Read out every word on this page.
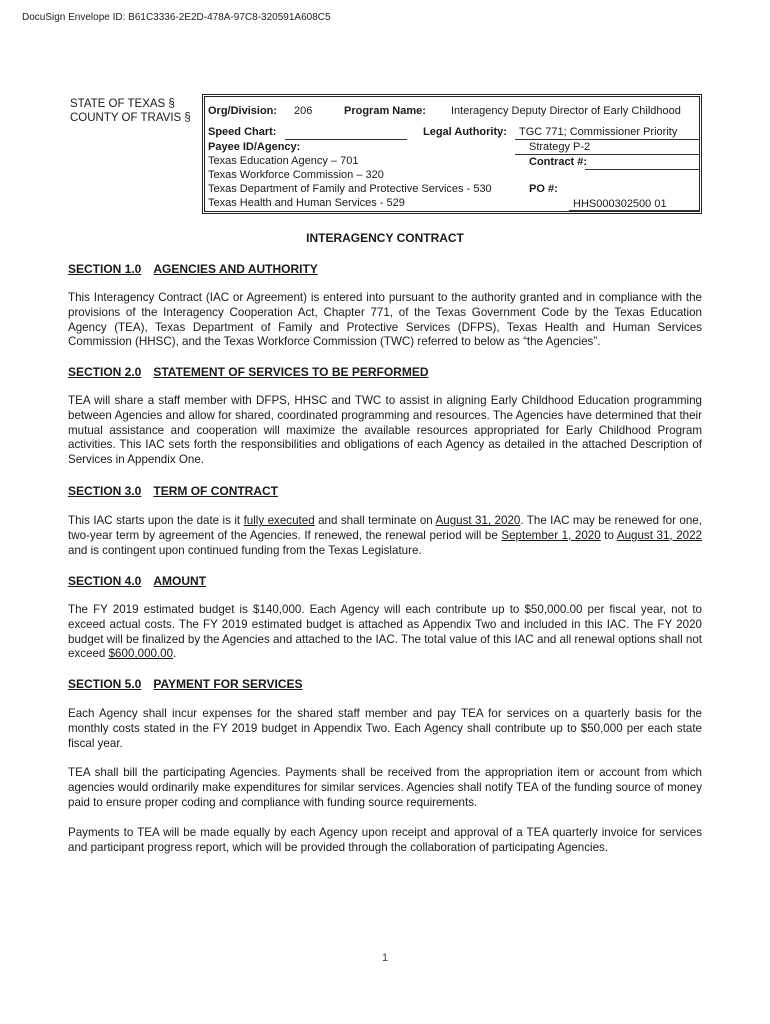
DocuSign Envelope ID: B61C3336-2E2D-478A-97C8-320591A608C5
STATE OF TEXAS §
COUNTY OF TRAVIS §
Org/Division: 206	Program Name: Interagency Deputy Director of Early Childhood
Speed Chart:	Legal Authority: TGC 771; Commissioner Priority
Strategy P-2
Payee ID/Agency:
Texas Education Agency – 701
Texas Workforce Commission – 320
Texas Department of Family and Protective Services - 530
Texas Health and Human Services - 529
Contract #:
PO #:
HHS000302500 01
INTERAGENCY CONTRACT
SECTION 1.0 AGENCIES AND AUTHORITY
This Interagency Contract (IAC or Agreement) is entered into pursuant to the authority granted and in compliance with the provisions of the Interagency Cooperation Act, Chapter 771, of the Texas Government Code by the Texas Education Agency (TEA), Texas Department of Family and Protective Services (DFPS), Texas Health and Human Services Commission (HHSC), and the Texas Workforce Commission (TWC) referred to below as “the Agencies”.
SECTION 2.0 STATEMENT OF SERVICES TO BE PERFORMED
TEA will share a staff member with DFPS, HHSC and TWC to assist in aligning Early Childhood Education programming between Agencies and allow for shared, coordinated programming and resources. The Agencies have determined that their mutual assistance and cooperation will maximize the available resources appropriated for Early Childhood Program activities. This IAC sets forth the responsibilities and obligations of each Agency as detailed in the attached Description of Services in Appendix One.
SECTION 3.0 TERM OF CONTRACT
This IAC starts upon the date is it fully executed and shall terminate on August 31, 2020. The IAC may be renewed for one, two-year term by agreement of the Agencies. If renewed, the renewal period will be September 1, 2020 to August 31, 2022 and is contingent upon continued funding from the Texas Legislature.
SECTION 4.0 AMOUNT
The FY 2019 estimated budget is $140,000. Each Agency will each contribute up to $50,000.00 per fiscal year, not to exceed actual costs. The FY 2019 estimated budget is attached as Appendix Two and included in this IAC. The FY 2020 budget will be finalized by the Agencies and attached to the IAC. The total value of this IAC and all renewal options shall not exceed $600,000.00.
SECTION 5.0 PAYMENT FOR SERVICES
Each Agency shall incur expenses for the shared staff member and pay TEA for services on a quarterly basis for the monthly costs stated in the FY 2019 budget in Appendix Two. Each Agency shall contribute up to $50,000 per each state fiscal year.
TEA shall bill the participating Agencies. Payments shall be received from the appropriation item or account from which agencies would ordinarily make expenditures for similar services. Agencies shall notify TEA of the funding source of money paid to ensure proper coding and compliance with funding source requirements.
Payments to TEA will be made equally by each Agency upon receipt and approval of a TEA quarterly invoice for services and participant progress report, which will be provided through the collaboration of participating Agencies.
1
